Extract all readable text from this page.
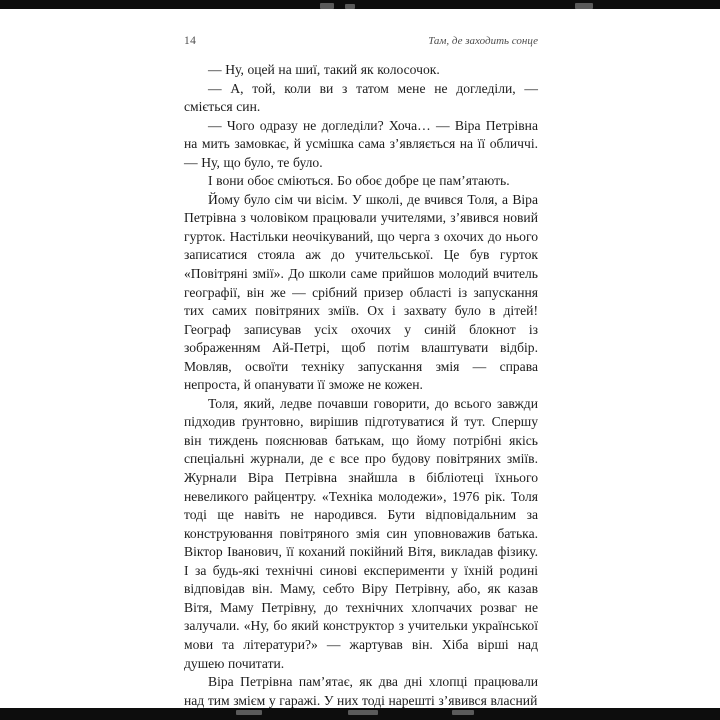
14	Там, де заходить сонце

— Ну, оцей на шиї, такий як колосочок.

— А, той, коли ви з татом мене не догледіли, — сміється син.

— Чого одразу не догледіли? Хоча… — Віра Петрівна на мить замовкає, й усмішка сама з’являється на її обличчі. — Ну, що було, те було.

І вони обоє сміються. Бо обоє добре це пам’ятають.

Йому було сім чи вісім. У школі, де вчився Толя, а Віра Петрівна з чоловіком працювали учителями, з’явився новий гурток. Настільки неочікуваний, що черга з охочих до нього записатися стояла аж до учительської. Це був гурток «Повітряні змії». До школи саме прийшов молодий вчитель географії, він же — срібний призер області із запускання тих самих повітряних зміїв. Ох і захвату було в дітей! Географ записував усіх охочих у синій блокнот із зображенням Ай-Петрі, щоб потім влаштувати відбір. Мовляв, освоїти техніку запускання змія — справа непроста, й опанувати її зможе не кожен.

Толя, який, ледве почавши говорити, до всього завжди підходив ґрунтовно, вирішив підготуватися й тут. Спершу він тиждень пояснював батькам, що йому потрібні якісь спеціальні журнали, де є все про будову повітряних зміїв. Журнали Віра Петрівна знайшла в бібліотеці їхнього невеликого райцентру. «Техніка молодежи», 1976 рік. Толя тоді ще навіть не народився. Бути відповідальним за конструювання повітряного змія син уповноважив батька. Віктор Іванович, її коханий покійний Вітя, викладав фізику. І за будь-які технічні синові експерименти у їхній родині відповідав він. Маму, себто Віру Петрівну, або, як казав Вітя, Маму Петрівну, до технічних хлопчачих розваг не залучали. «Ну, бо який конструктор з учительки української мови та літератури?» — жартував він. Хіба вірші над душею почитати.

Віра Петрівна пам’ятає, як два дні хлопці працювали над тим змієм у гаражі. У них тоді нарешті з’явився власний
